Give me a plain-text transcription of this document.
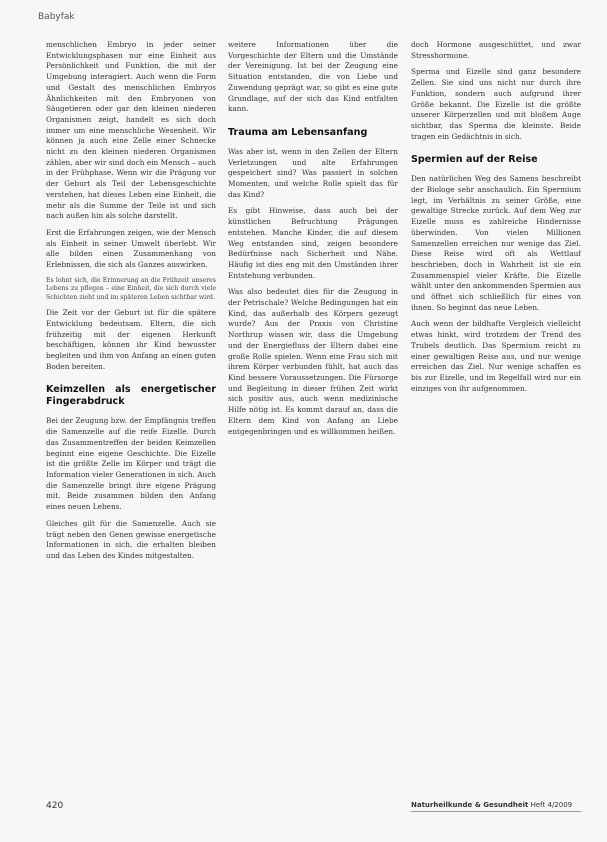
Babyfak

menschlichen Embryo in jeder seiner Entwicklungsphasen nur eine Einheit aus Persönlichkeit und Funktion, die mit der Umgebung interagiert. Auch wenn die Form und Gestalt des menschlichen Embryos Ähnlichkeiten mit den Embryonen von Säugetieren oder gar den kleinen niederen Organismen zeigt, handelt es sich doch immer um eine menschliche Wesenheit. Wir können ja auch eine Zelle einer Schnecke nicht zu den kleinen niederen Organismen zählen, aber wir sind doch ein Mensch – auch in der Frühphase. Wenn wir die Prägung vor der Geburt als Teil der Lebensgeschichte verstehen, hat dieses Leben eine Einheit, die mehr als die Summe der Teile ist und sich nach außen hin als solche darstellt.

Erst die Erfahrungen zeigen, wie der Mensch als Einheit in seiner Umwelt überlebt. Wir alle bilden einen Zusammenhang von Erlebnissen, die sich als Ganzes auswirken.

Es lohnt sich, die Erinnerung an die Frühzeit unseres Lebens zu pflegen – eine Einheit, die sich durch viele Schichten zieht und im späteren Leben sichtbar wird.

Die Zeit vor der Geburt ist für die spätere Entwicklung bedeutsam. Eltern, die sich frühzeitig mit der eigenen Herkunft beschäftigen, können ihr Kind bewusster begleiten und ihm von Anfang an einen guten Boden bereiten.

Keimzellen als energetischer Fingerabdruck

Bei der Zeugung bzw. der Empfängnis treffen die Samenzelle auf die reife Eizelle. Durch das Zusammentreffen der beiden Keimzellen beginnt eine eigene Geschichte. Die Eizelle ist die größte Zelle im Körper und trägt die Information vieler Generationen in sich. Auch die Samenzelle bringt ihre eigene Prägung mit. Beide zusammen bilden den Anfang eines neuen Lebens.

Gleiches gilt für die Samenzelle. Auch sie trägt neben den Genen gewisse energetische Informationen in sich, die erhalten bleiben und das Leben des Kindes mitgestalten.

weitere Informationen über die Vorgeschichte der Eltern und die Umstände der Vereinigung. Ist bei der Zeugung eine Situation entstanden, die von Liebe und Zuwendung geprägt war, so gibt es eine gute Grundlage, auf der sich das Kind entfalten kann.

Trauma am Lebensanfang

Was aber ist, wenn in den Zellen der Eltern Verletzungen und alte Erfahrungen gespeichert sind? Was passiert in solchen Momenten, und welche Rolle spielt das für das Kind?

Es gibt Hinweise, dass auch bei der künstlichen Befruchtung Prägungen entstehen. Manche Kinder, die auf diesem Weg entstanden sind, zeigen besondere Bedürfnisse nach Sicherheit und Nähe. Häufig ist dies eng mit den Umständen ihrer Entstehung verbunden.

Was also bedeutet dies für die Zeugung in der Petrischale? Welche Bedingungen hat ein Kind, das außerhalb des Körpers gezeugt wurde? Aus der Praxis von Christine Northrup wissen wir, dass die Umgebung und der Energiefluss der Eltern dabei eine große Rolle spielen. Wenn eine Frau sich mit ihrem Körper verbunden fühlt, hat auch das Kind bessere Voraussetzungen. Die Fürsorge und Begleitung in dieser frühen Zeit wirkt sich positiv aus, auch wenn medizinische Hilfe nötig ist. Es kommt darauf an, dass die Eltern dem Kind von Anfang an Liebe entgegenbringen und es willkommen heißen.

doch Hormone ausgeschüttet, und zwar Stresshormone.

Sperma und Eizelle sind ganz besondere Zellen. Sie sind uns nicht nur durch ihre Funktion, sondern auch aufgrund ihrer Größe bekannt. Die Eizelle ist die größte unserer Körperzellen und mit bloßem Auge sichtbar, das Sperma die kleinste. Beide tragen ein Gedächtnis in sich.

Spermien auf der Reise

Den natürlichen Weg des Samens beschreibt der Biologe sehr anschaulich. Ein Spermium legt, im Verhältnis zu seiner Größe, eine gewaltige Strecke zurück. Auf dem Weg zur Eizelle muss es zahlreiche Hindernisse überwinden. Von vielen Millionen Samenzellen erreichen nur wenige das Ziel. Diese Reise wird oft als Wettlauf beschrieben, doch in Wahrheit ist sie ein Zusammenspiel vieler Kräfte. Die Eizelle wählt unter den ankommenden Spermien aus und öffnet sich schließlich für eines von ihnen. So beginnt das neue Leben.

Auch wenn der bildhafte Vergleich vielleicht etwas hinkt, wird trotzdem der Trend des Trubels deutlich. Das Spermium reicht zu einer gewaltigen Reise aus, und nur wenige erreichen das Ziel. Nur wenige schaffen es bis zur Eizelle, und im Regelfall wird nur ein einziges von ihr aufgenommen.

420	Naturheilkunde & Gesundheit Heft 4/2009
